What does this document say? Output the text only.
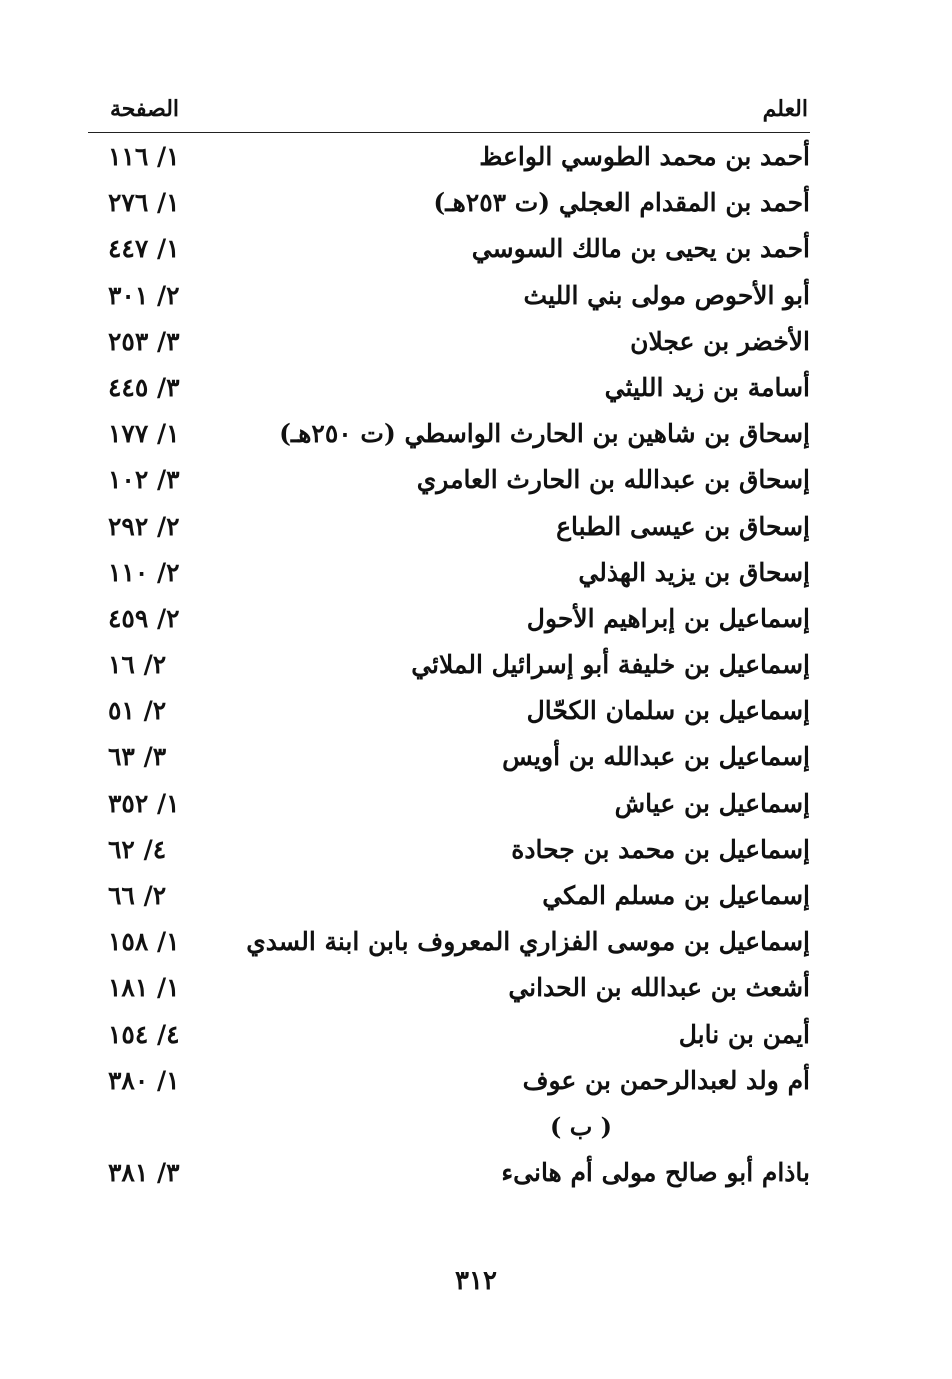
العلم
الصفحة
أحمد بن محمد الطوسي الواعظ
١/ ١١٦
أحمد بن المقدام العجلي (ت ٢٥٣هـ)
١/ ٢٧٦
أحمد بن يحيى بن مالك السوسي
١/ ٤٤٧
أبو الأحوص مولى بني الليث
٢/ ٣٠١
الأخضر بن عجلان
٣/ ٢٥٣
أسامة بن زيد الليثي
٣/ ٤٤٥
إسحاق بن شاهين بن الحارث الواسطي (ت ٢٥٠هـ)
١/ ١٧٧
إسحاق بن عبدالله بن الحارث العامري
٣/ ١٠٢
إسحاق بن عيسى الطباع
٢/ ٢٩٢
إسحاق بن يزيد الهذلي
٢/ ١١٠
إسماعيل بن إبراهيم الأحول
٢/ ٤٥٩
إسماعيل بن خليفة أبو إسرائيل الملائي
٢/ ١٦
إسماعيل بن سلمان الكحّال
٢/ ٥١
إسماعيل بن عبدالله بن أويس
٣/ ٦٣
إسماعيل بن عياش
١/ ٣٥٢
إسماعيل بن محمد بن جحادة
٤/ ٦٢
إسماعيل بن مسلم المكي
٢/ ٦٦
إسماعيل بن موسى الفزاري المعروف بابن ابنة السدي
١/ ١٥٨
أشعث بن عبدالله بن الحداني
١/ ١٨١
أيمن بن نابل
٤/ ١٥٤
أم ولد لعبدالرحمن بن عوف
١/ ٣٨٠
( ب )
باذام أبو صالح مولى أم هانىء
٣/ ٣٨١
٣١٢
